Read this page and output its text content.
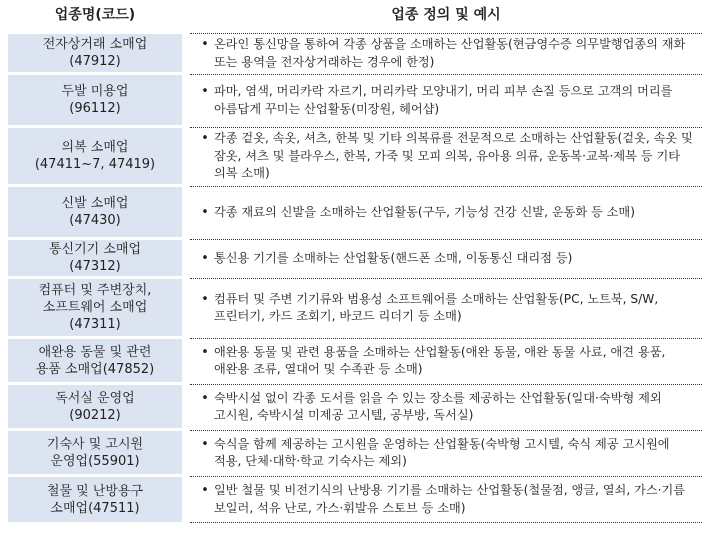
업종명(코드)	업종 정의 및 예시
전자상거래 소매업
(47912)
• 온라인 통신망을 통하여 각종 상품을 소매하는 산업활동(현금영수증 의무발행업종의 재화 또는 용역을 전자상거래하는 경우에 한정)
두발 미용업
(96112)
• 파마, 염색, 머리카락 자르기, 머리카락 모양내기, 머리 피부 손질 등으로 고객의 머리를 아름답게 꾸미는 산업활동(미장원, 헤어샵)
의복 소매업
(47411~7, 47419)
• 각종 겉옷, 속옷, 셔츠, 한복 및 기타 의복류를 전문적으로 소매하는 산업활동(겉옷, 속옷 및 잠옷, 셔츠 및 블라우스, 한복, 가죽 및 모피 의복, 유아용 의류, 운동복·교복·제복 등 기타 의복 소매)
신발 소매업
(47430)
• 각종 재료의 신발을 소매하는 산업활동(구두, 기능성 건강 신발, 운동화 등 소매)
통신기기 소매업
(47312)
• 통신용 기기를 소매하는 산업활동(핸드폰 소매, 이동통신 대리점 등)
컴퓨터 및 주변장치,
소프트웨어 소매업
(47311)
• 컴퓨터 및 주변 기기류와 범용성 소프트웨어를 소매하는 산업활동(PC, 노트북, S/W, 프린터기, 카드 조회기, 바코드 리더기 등 소매)
애완용 동물 및 관련
용품 소매업(47852)
• 애완용 동물 및 관련 용품을 소매하는 산업활동(애완 동물, 애완 동물 사료, 애견 용품, 애완용 조류, 열대어 및 수족관 등 소매)
독서실 운영업
(90212)
• 숙박시설 없이 각종 도서를 읽을 수 있는 장소를 제공하는 산업활동(일대·숙박형 제외 고시원, 숙박시설 미제공 고시텔, 공부방, 독서실)
기숙사 및 고시원
운영업(55901)
• 숙식을 함께 제공하는 고시원을 운영하는 산업활동(숙박형 고시텔, 숙식 제공 고시원에 적용, 단체·대학·학교 기숙사는 제외)
철물 및 난방용구
소매업(47511)
• 일반 철물 및 비전기식의 난방용 기기를 소매하는 산업활동(철물점, 앵글, 열쇠, 가스·기름 보일러, 석유 난로, 가스·휘발유 스토브 등 소매)
